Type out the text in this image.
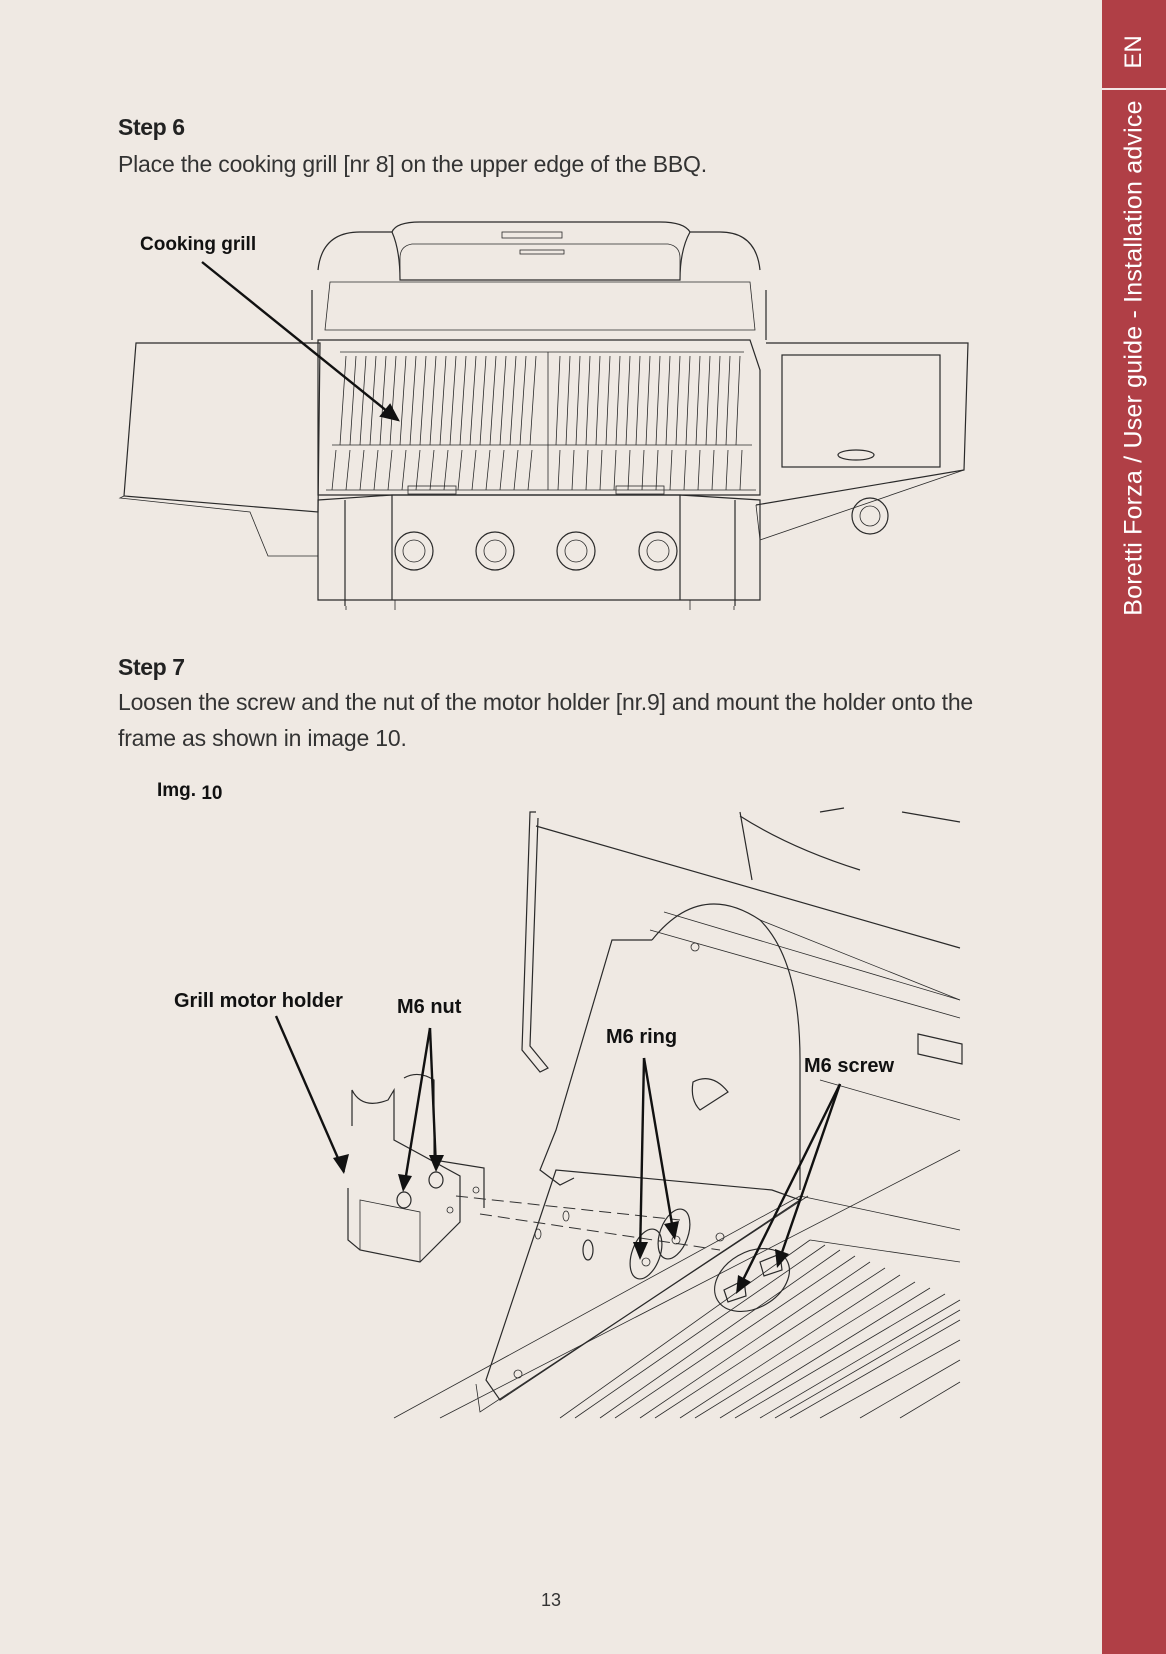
EN
Boretti Forza / User guide - Installation advice
Step 6
Place the cooking grill [nr 8] on the upper edge of the BBQ.
Cooking grill
Step 7
Loosen the screw and the nut of the motor holder [nr.9] and mount the holder onto the frame as shown in image 10.
Img. 10
Grill motor holder	M6 nut
M6 ring
M6 screw
13
